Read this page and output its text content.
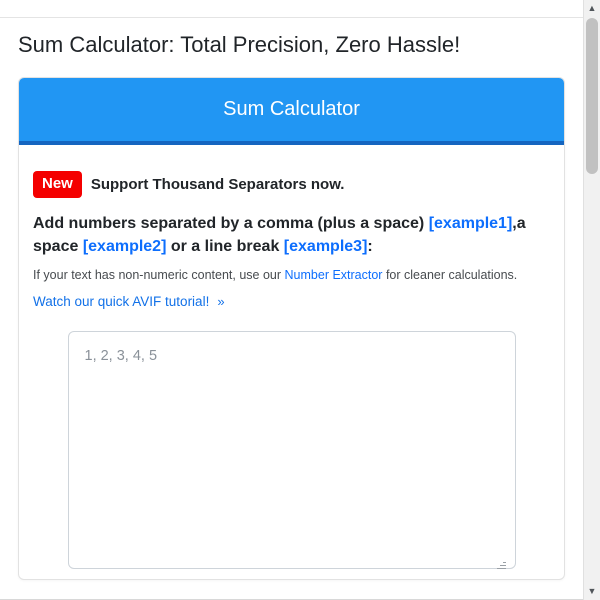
Sum Calculator: Total Precision, Zero Hassle!
Sum Calculator
New	Support Thousand Separators now.
Add numbers separated by a comma (plus a space) [example1],a space [example2] or a line break [example3]:
If your text has non-numeric content, use our Number Extractor for cleaner calculations.
Watch our quick AVIF tutorial! »
1, 2, 3, 4, 5
▲
▼
